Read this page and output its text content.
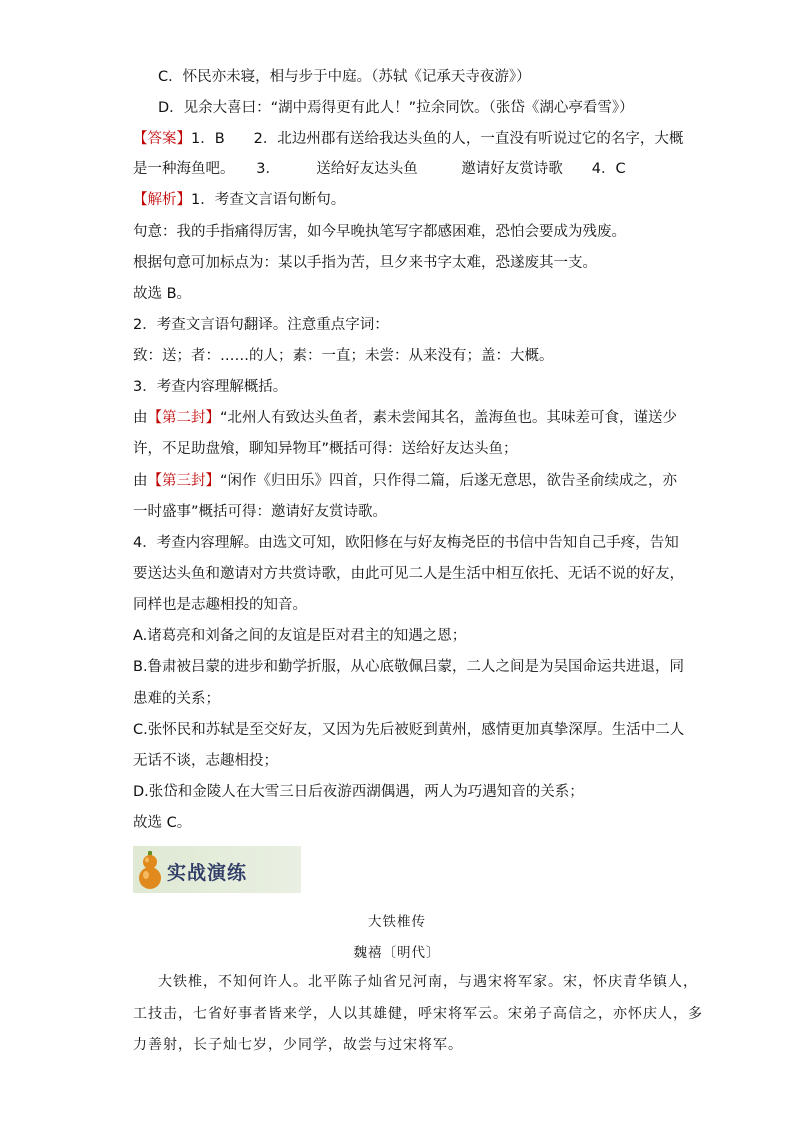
C．怀民亦未寝，相与步于中庭。（苏轼《记承天寺夜游》）
D．见余大喜曰：“湖中焉得更有此人！”拉余同饮。（张岱《湖心亭看雪》）
【答案】1．B　　2．北边州郡有送给我达头鱼的人，一直没有听说过它的名字，大概
是一种海鱼吧。　　3．　　　送给好友达头鱼　　　邀请好友赏诗歌　　4．C
【解析】1．考查文言语句断句。
句意：我的手指痛得厉害，如今早晚执笔写字都感困难，恐怕会要成为残废。
根据句意可加标点为：某以手指为苦，旦夕来书字太难，恐遂废其一支。
故选 B。
2．考查文言语句翻译。注意重点字词：
致：送；者：……的人；素：一直；未尝：从来没有；盖：大概。
3．考查内容理解概括。
由【第二封】“北州人有致达头鱼者，素未尝闻其名，盖海鱼也。其味差可食，谨送少
许，不足助盘飧，聊知异物耳”概括可得：送给好友达头鱼；
由【第三封】“闲作《归田乐》四首，只作得二篇，后遂无意思，欲告圣俞续成之，亦
一时盛事”概括可得：邀请好友赏诗歌。
4．考查内容理解。由选文可知，欧阳修在与好友梅尧臣的书信中告知自己手疼，告知
要送达头鱼和邀请对方共赏诗歌，由此可见二人是生活中相互依托、无话不说的好友，
同样也是志趣相投的知音。
A.诸葛亮和刘备之间的友谊是臣对君主的知遇之恩；
B.鲁肃被吕蒙的进步和勤学折服，从心底敬佩吕蒙，二人之间是为吴国命运共进退，同
患难的关系；
C.张怀民和苏轼是至交好友，又因为先后被贬到黄州，感情更加真挚深厚。生活中二人
无话不谈，志趣相投；
D.张岱和金陵人在大雪三日后夜游西湖偶遇，两人为巧遇知音的关系；
故选 C。
实战演练
大铁椎传
魏禧〔明代〕
大铁椎，不知何许人。北平陈子灿省兄河南，与遇宋将军家。宋，怀庆青华镇人，
工技击，七省好事者皆来学，人以其雄健，呼宋将军云。宋弟子高信之，亦怀庆人，多
力善射，长子灿七岁，少同学，故尝与过宋将军。
